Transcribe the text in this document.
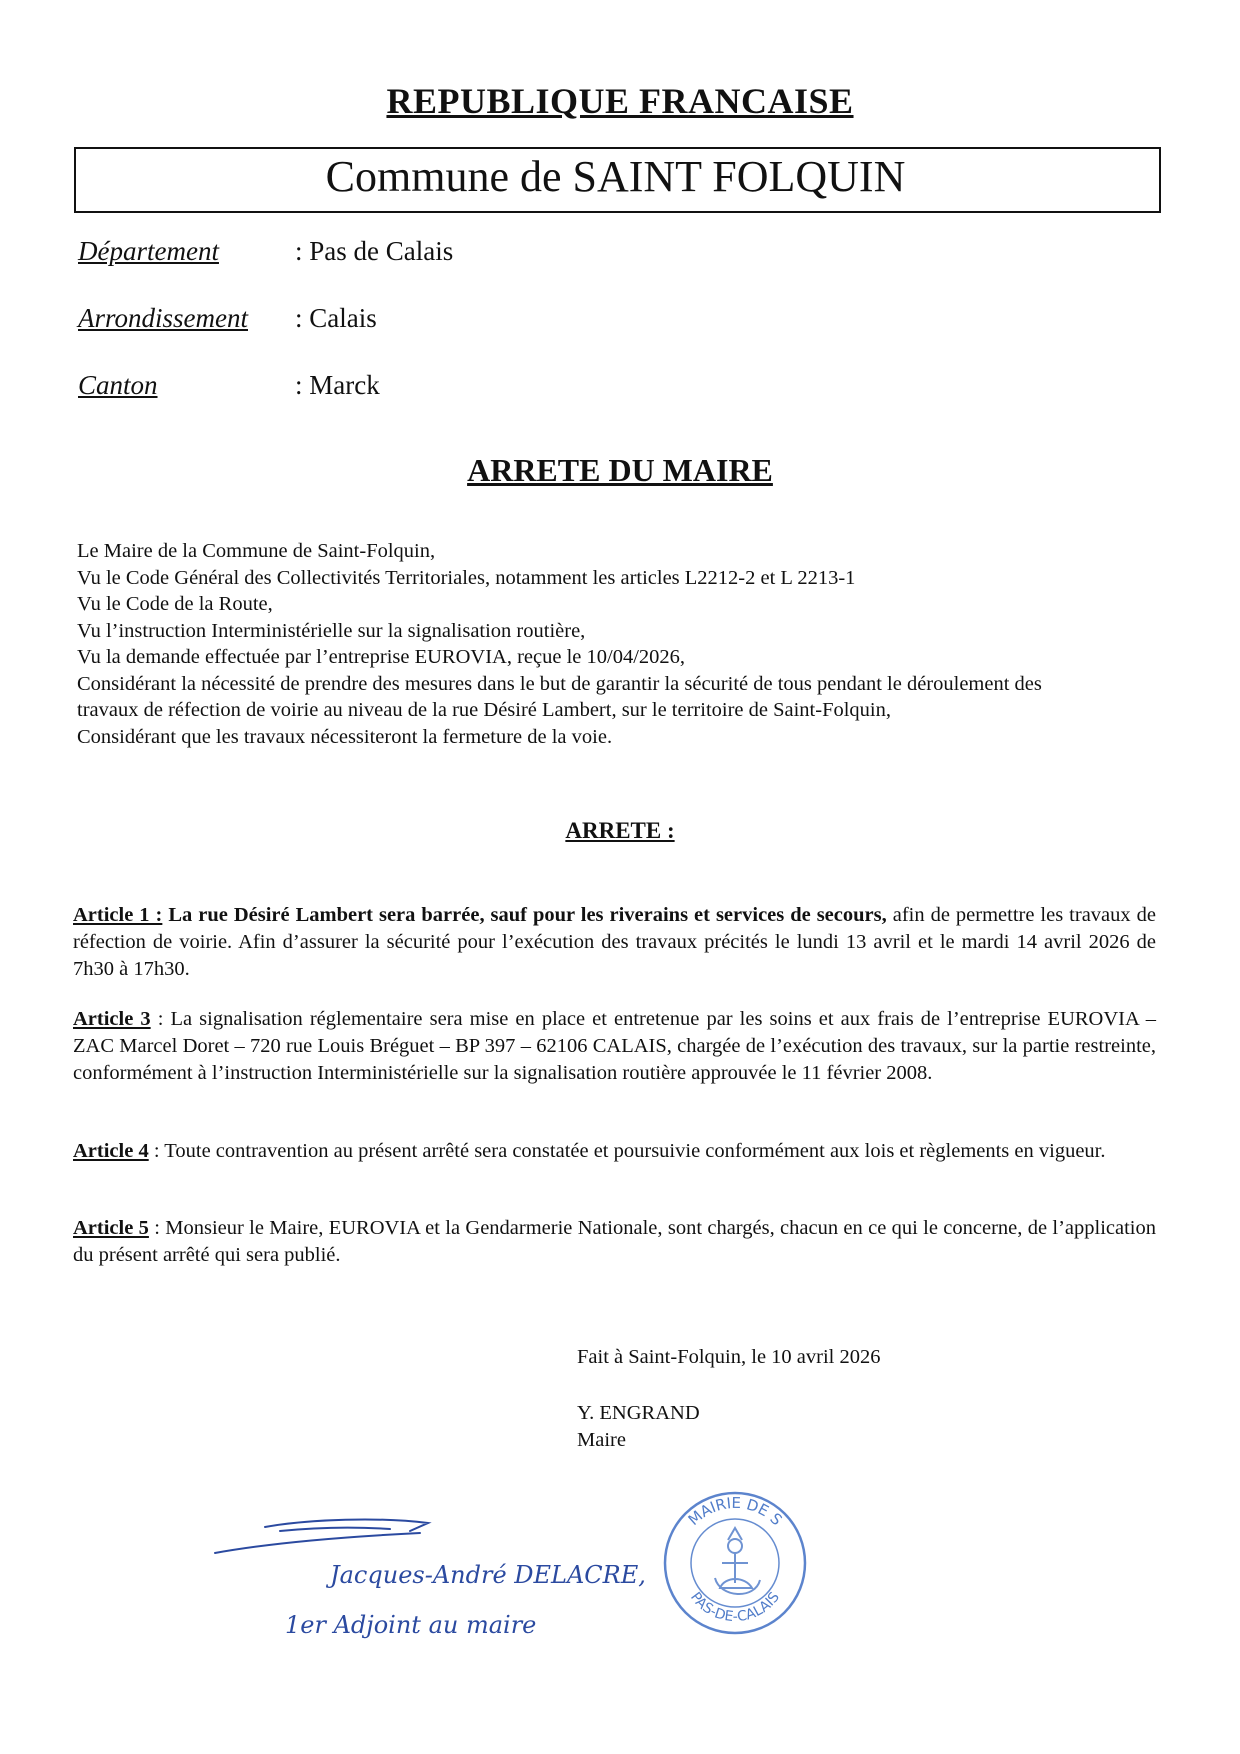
REPUBLIQUE FRANCAISE
Commune de SAINT FOLQUIN
Département	: Pas de Calais
Arrondissement : Calais
Canton	: Marck
ARRETE DU MAIRE
Le Maire de la Commune de Saint-Folquin,
Vu le Code Général des Collectivités Territoriales, notamment les articles L2212-2 et L 2213-1
Vu le Code de la Route,
Vu l’instruction Interministérielle sur la signalisation routière,
Vu la demande effectuée par l’entreprise EUROVIA, reçue le 10/04/2026,
Considérant la nécessité de prendre des mesures dans le but de garantir la sécurité de tous pendant le déroulement des
travaux de réfection de voirie au niveau de la rue Désiré Lambert, sur le territoire de Saint-Folquin,
Considérant que les travaux nécessiteront la fermeture de la voie.
ARRETE :
Article 1 : La rue Désiré Lambert sera barrée, sauf pour les riverains et services de secours, afin de permettre les travaux de réfection de voirie. Afin d’assurer la sécurité pour l’exécution des travaux précités le lundi 13 avril et le mardi 14 avril 2026 de 7h30 à 17h30.
Article 3 : La signalisation réglementaire sera mise en place et entretenue par les soins et aux frais de l’entreprise EUROVIA – ZAC Marcel Doret – 720 rue Louis Bréguet – BP 397 – 62106 CALAIS, chargée de l’exécution des travaux, sur la partie restreinte, conformément à l’instruction Interministérielle sur la signalisation routière approuvée le 11 février 2008.
Article 4 : Toute contravention au présent arrêté sera constatée et poursuivie conformément aux lois et règlements en vigueur.
Article 5 : Monsieur le Maire, EUROVIA et la Gendarmerie Nationale, sont chargés, chacun en ce qui le concerne, de l’application du présent arrêté qui sera publié.
Fait à Saint-Folquin, le 10 avril 2026
Y. ENGRAND
Maire
Jacques-André DELACRE,
1er Adjoint au maire
MAIRIE DE S
PAS-DE-CALAIS
